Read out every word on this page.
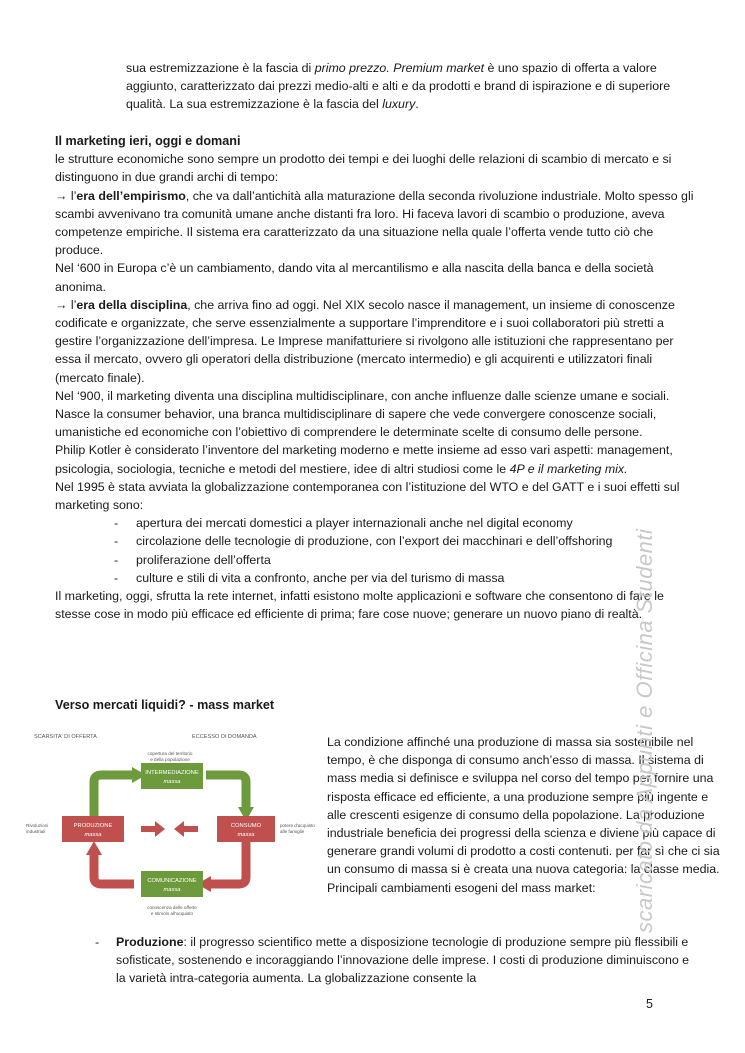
sua estremizzazione è la fascia di primo prezzo. Premium market è uno spazio di offerta a valore aggiunto, caratterizzato dai prezzi medio-alti e alti e da prodotti e brand di ispirazione e di superiore qualità. La sua estremizzazione è la fascia del luxury.

Il marketing ieri, oggi e domani

le strutture economiche sono sempre un prodotto dei tempi e dei luoghi delle relazioni di scambio di mercato e si distinguono in due grandi archi di tempo:

→ l’era dell’empirismo, che va dall’antichità alla maturazione della seconda rivoluzione industriale. Molto spesso gli scambi avvenivano tra comunità umane anche distanti fra loro. Hi faceva lavori di scambio o produzione, aveva competenze empiriche. Il sistema era caratterizzato da una situazione nella quale l’offerta vende tutto ciò che produce.

Nel ‘600 in Europa c’è un cambiamento, dando vita al mercantilismo e alla nascita della banca e della società anonima.

→ l’era della disciplina, che arriva fino ad oggi. Nel XIX secolo nasce il management, un insieme di conoscenze codificate e organizzate, che serve essenzialmente a supportare l’imprenditore e i suoi collaboratori più stretti a gestire l’organizzazione dell’impresa. Le Imprese manifatturiere si rivolgono alle istituzioni che rappresentano per essa il mercato, ovvero gli operatori della distribuzione (mercato intermedio) e gli acquirenti e utilizzatori finali (mercato finale).

Nel ‘900, il marketing diventa una disciplina multidisciplinare, con anche influenze dalle scienze umane e sociali. Nasce la consumer behavior, una branca multidisciplinare di sapere che vede convergere conoscenze sociali, umanistiche ed economiche con l’obiettivo di comprendere le determinate scelte di consumo delle persone.

Philip Kotler è considerato l’inventore del marketing moderno e mette insieme ad esso vari aspetti: management, psicologia, sociologia, tecniche e metodi del mestiere, idee di altri studiosi come le 4P e il marketing mix.

Nel 1995 è stata avviata la globalizzazione contemporanea con l’istituzione del WTO e del GATT e i suoi effetti sul marketing sono:

- apertura dei mercati domestici a player internazionali anche nel digital economy
- circolazione delle tecnologie di produzione, con l’export dei macchinari e dell’offshoring
- proliferazione dell’offerta
- culture e stili di vita a confronto, anche per via del turismo di massa

Il marketing, oggi, sfrutta la rete internet, infatti esistono molte applicazioni e software che consentono di fare le stesse cose in modo più efficace ed efficiente di prima; fare cose nuove; generare un nuovo piano di realtà.

Verso mercati liquidi? - mass market
SCARSITA' DI OFFERTA	ECCESSO DI DOMANDA
copertura del territorio
e della popolazione
INTERMEDIAZIONE
massa
PRODUZIONE
massa
CONSUMO
massa
COMUNICAZIONE
massa
Rivoluzioni
industriali
potere d'acquisto
alle famiglie
conoscenza delle offerte
e stimolo all'acquisto

La condizione affinché una produzione di massa sia sostenibile nel tempo, è che disponga di consumo anch’esso di massa. Il sistema di mass media si definisce e sviluppa nel corso del tempo per fornire una risposta efficace ed efficiente, a una produzione sempre più ingente e alle crescenti esigenze di consumo della popolazione. La produzione industriale beneficia dei progressi della scienza e diviene più capace di generare grandi volumi di prodotto a costi contenuti. per far sì che ci sia un consumo di massa si è creata una nuova categoria: la classe media. Principali cambiamenti esogeni del mass market:

- Produzione: il progresso scientifico mette a disposizione tecnologie di produzione sempre più flessibili e sofisticate, sostenendo e incoraggiando l’innovazione delle imprese. I costi di produzione diminuiscono e la varietà intra-categoria aumenta. La globalizzazione consente la

scaricato da Appunti e Officina Studenti
5
